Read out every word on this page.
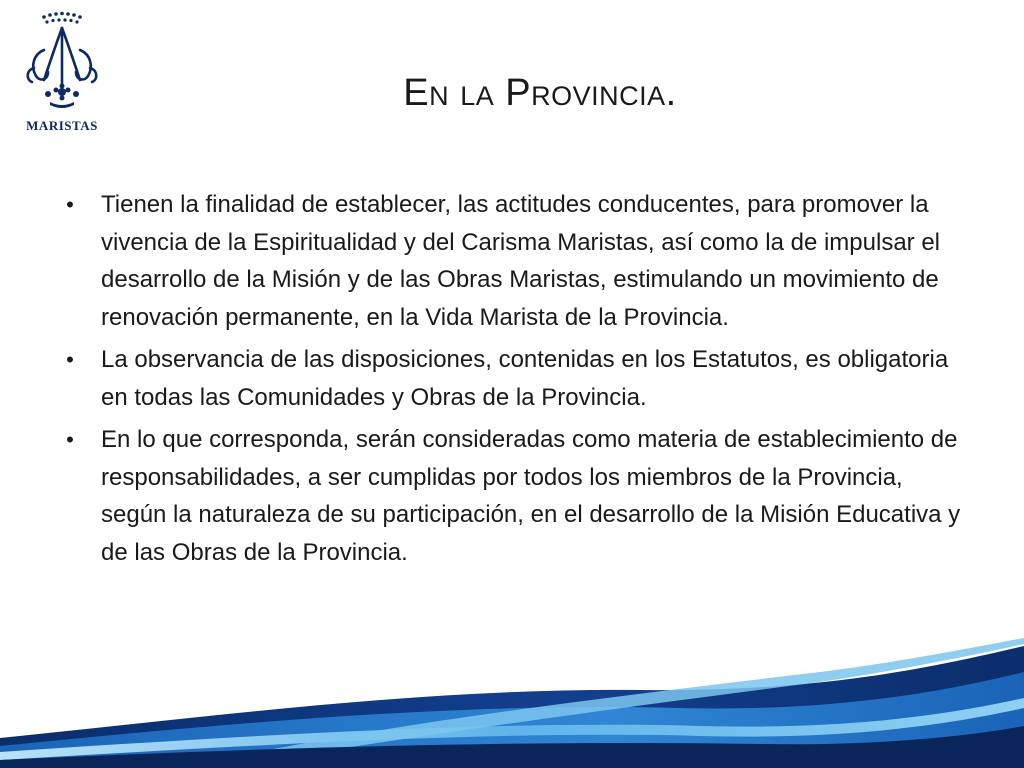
MARISTAS
En la Provincia.
• Tienen la finalidad de establecer, las actitudes conducentes, para promover la vivencia de la Espiritualidad y del Carisma Maristas, así como la de impulsar el desarrollo de la Misión y de las Obras Maristas, estimulando un movimiento de renovación permanente, en la Vida Marista de la Provincia.
• La observancia de las disposiciones, contenidas en los Estatutos, es obligatoria en todas las Comunidades y Obras de la Provincia.
• En lo que corresponda, serán consideradas como materia de establecimiento de responsabilidades, a ser cumplidas por todos los miembros de la Provincia, según la naturaleza de su participación, en el desarrollo de la Misión Educativa y de las Obras de la Provincia.
